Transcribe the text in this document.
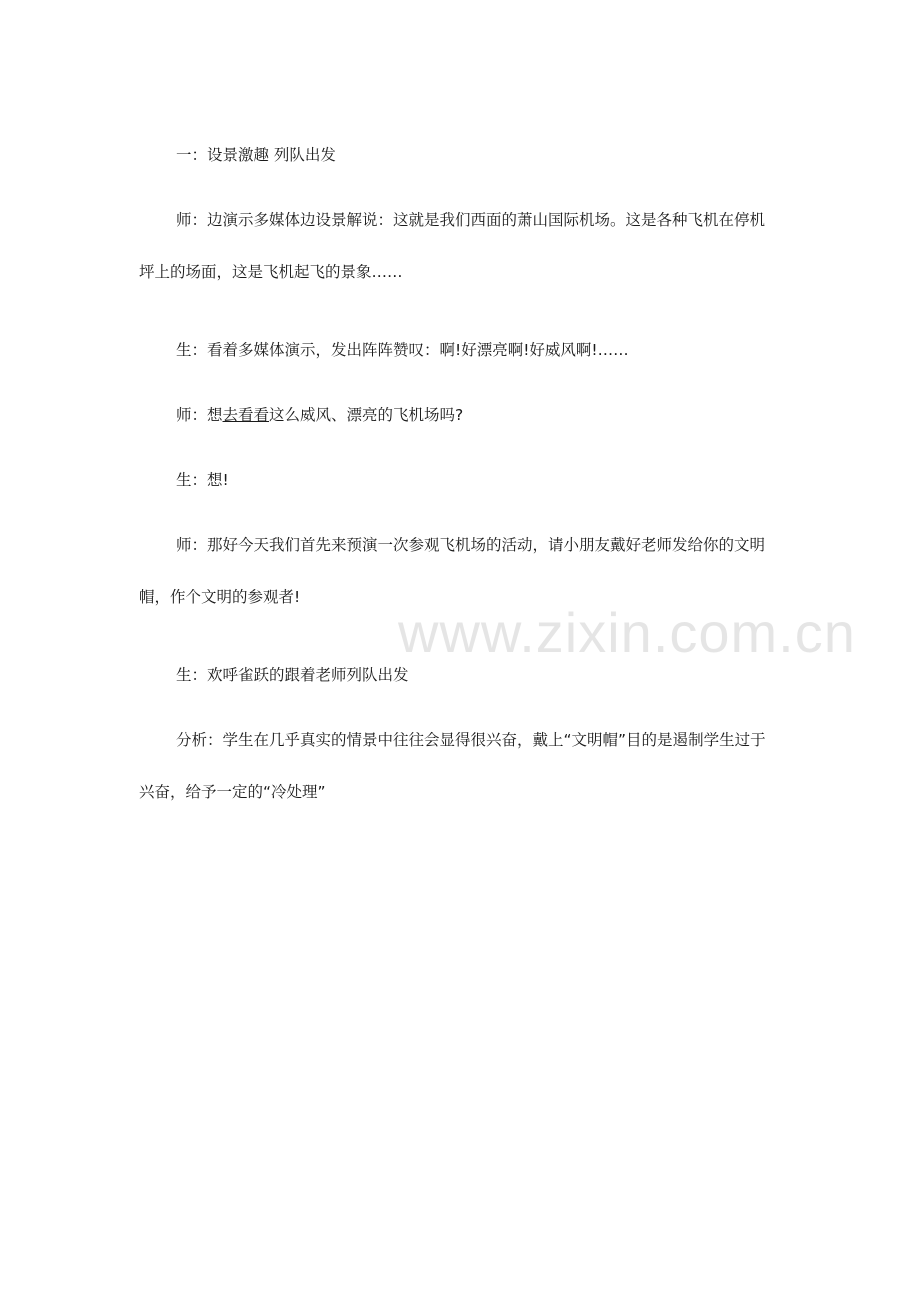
一：设景激趣 列队出发

师：边演示多媒体边设景解说：这就是我们西面的萧山国际机场。这是各种飞机在停机坪上的场面，这是飞机起飞的景象……

生：看着多媒体演示，发出阵阵赞叹：啊!好漂亮啊!好威风啊!……

师：想去看看这么威风、漂亮的飞机场吗?

生：想!

师：那好今天我们首先来预演一次参观飞机场的活动，请小朋友戴好老师发给你的文明帽，作个文明的参观者!

生：欢呼雀跃的跟着老师列队出发

分析：学生在几乎真实的情景中往往会显得很兴奋，戴上“文明帽”目的是遏制学生过于兴奋，给予一定的“冷处理”

www.zixin.com.cn
